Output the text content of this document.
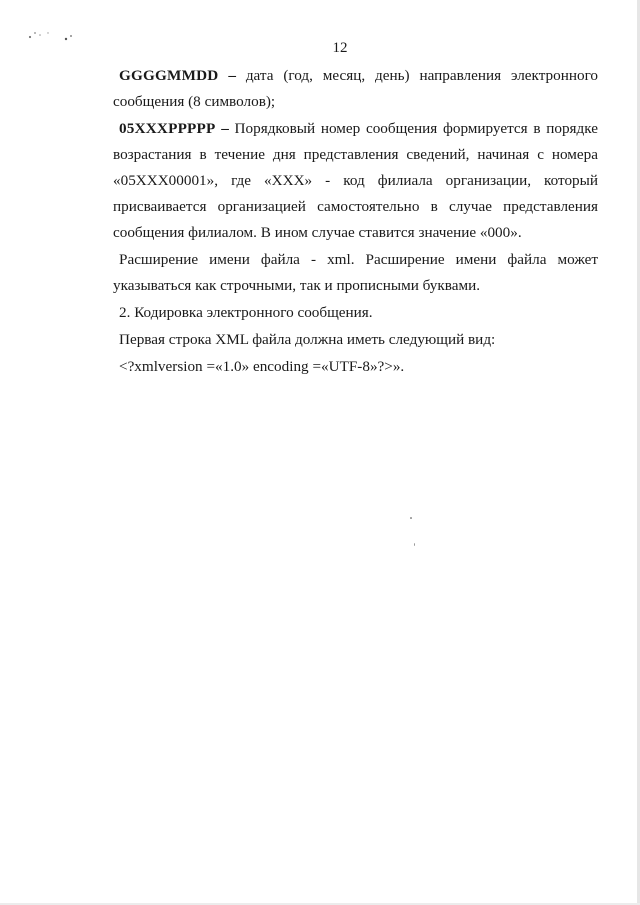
12

GGGGMMDD – дата (год, месяц, день) направления электронного сообщения (8 символов);

05XXXPPPPP – Порядковый номер сообщения формируется в порядке возрастания в течение дня представления сведений, начиная с номера «05XXX00001», где «XXX» - код филиала организации, который присваивается организацией самостоятельно в случае представления сообщения филиалом. В ином случае ставится значение «000».

Расширение имени файла - xml. Расширение имени файла может указываться как строчными, так и прописными буквами.

2. Кодировка электронного сообщения.

Первая строка XML файла должна иметь следующий вид:

<?xmlversion =«1.0» encoding =«UTF-8»?>».
